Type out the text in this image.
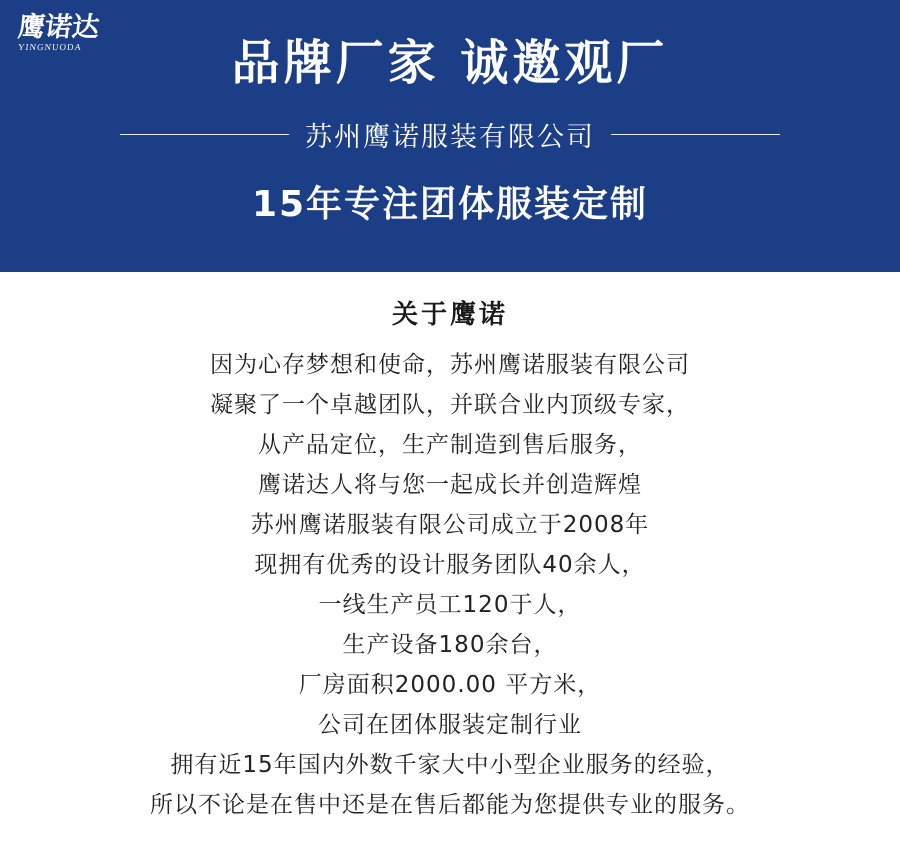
鹰诺达
YINGNUODA	品牌厂家 诚邀观厂
苏州鹰诺服装有限公司
15年专注团体服装定制
关于鹰诺
因为心存梦想和使命，苏州鹰诺服装有限公司
凝聚了一个卓越团队，并联合业内顶级专家，
从产品定位，生产制造到售后服务，
鹰诺达人将与您一起成长并创造辉煌
苏州鹰诺服装有限公司成立于2008年
现拥有优秀的设计服务团队40余人，
一线生产员工120于人，
生产设备180余台，
厂房面积2000.00 平方米，
公司在团体服装定制行业
拥有近15年国内外数千家大中小型企业服务的经验，
所以不论是在售中还是在售后都能为您提供专业的服务。
